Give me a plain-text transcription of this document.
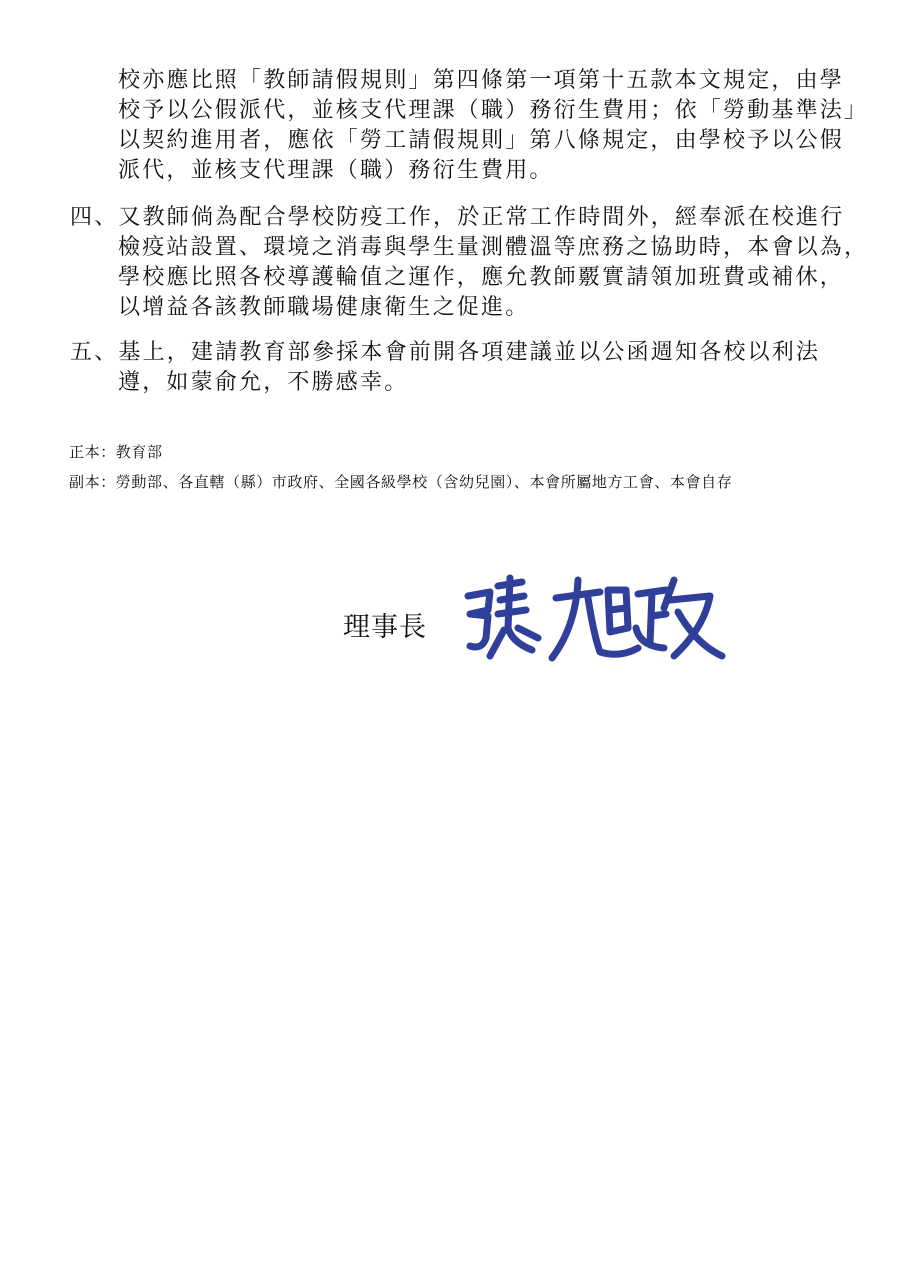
校亦應比照「教師請假規則」第四條第一項第十五款本文規定，由學
校予以公假派代，並核支代理課（職）務衍生費用；依「勞動基準法」
以契約進用者，應依「勞工請假規則」第八條規定，由學校予以公假
派代，並核支代理課（職）務衍生費用。
四、又教師倘為配合學校防疫工作，於正常工作時間外，經奉派在校進行
檢疫站設置、環境之消毒與學生量測體溫等庶務之協助時，本會以為，
學校應比照各校導護輪值之運作，應允教師覈實請領加班費或補休，
以增益各該教師職場健康衛生之促進。
五、基上，建請教育部參採本會前開各項建議並以公函週知各校以利法
遵，如蒙俞允，不勝感幸。
正本：教育部
副本：勞動部、各直轄（縣）市政府、全國各級學校（含幼兒園）、本會所屬地方工會、本會自存
理事長
